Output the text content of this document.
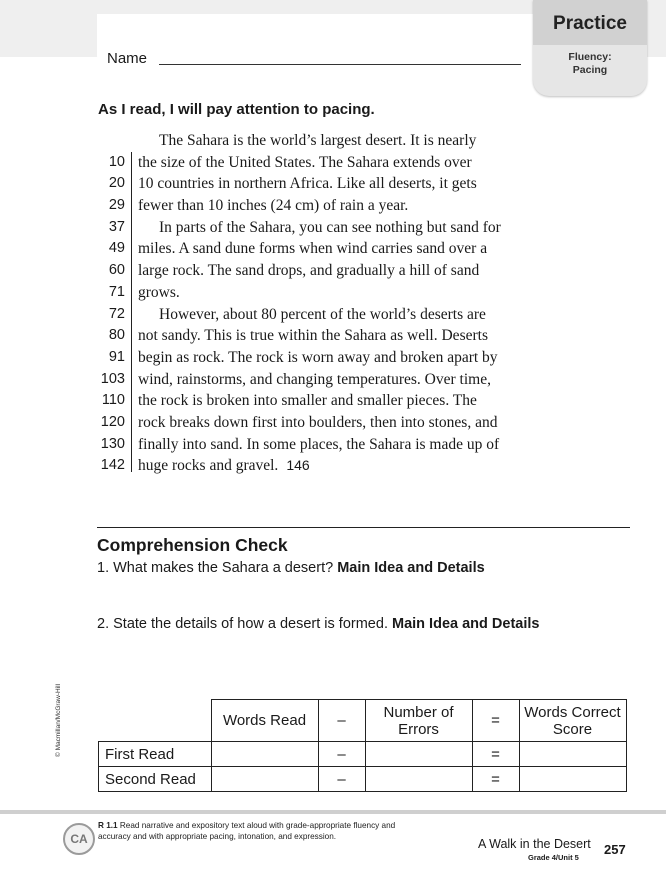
Name
Practice
Fluency:
Pacing
As I read, I will pay attention to pacing.
The Sahara is the world’s largest desert. It is nearly
10 the size of the United States. The Sahara extends over
20 10 countries in northern Africa. Like all deserts, it gets
29 fewer than 10 inches (24 cm) of rain a year.
37	In parts of the Sahara, you can see nothing but sand for
49 miles. A sand dune forms when wind carries sand over a
60 large rock. The sand drops, and gradually a hill of sand
71 grows.
72	However, about 80 percent of the world’s deserts are
80 not sandy. This is true within the Sahara as well. Deserts
91 begin as rock. The rock is worn away and broken apart by
103 wind, rainstorms, and changing temperatures. Over time,
110 the rock is broken into smaller and smaller pieces. The
120 rock breaks down first into boulders, then into stones, and
130 finally into sand. In some places, the Sahara is made up of
142 huge rocks and gravel. 146
Comprehension Check
1. What makes the Sahara a desert? Main Idea and Details
2. State the details of how a desert is formed. Main Idea and Details
© Macmillan/McGraw-Hill
		Words Read	–	Number of Errors	=	Words Correct Score
First Read		–		=	
Second Read		–		=	
CA
R 1.1 Read narrative and expository text aloud with grade-appropriate fluency and accuracy and with appropriate pacing, intonation, and expression.
A Walk in the Desert
Grade 4/Unit 5
257
